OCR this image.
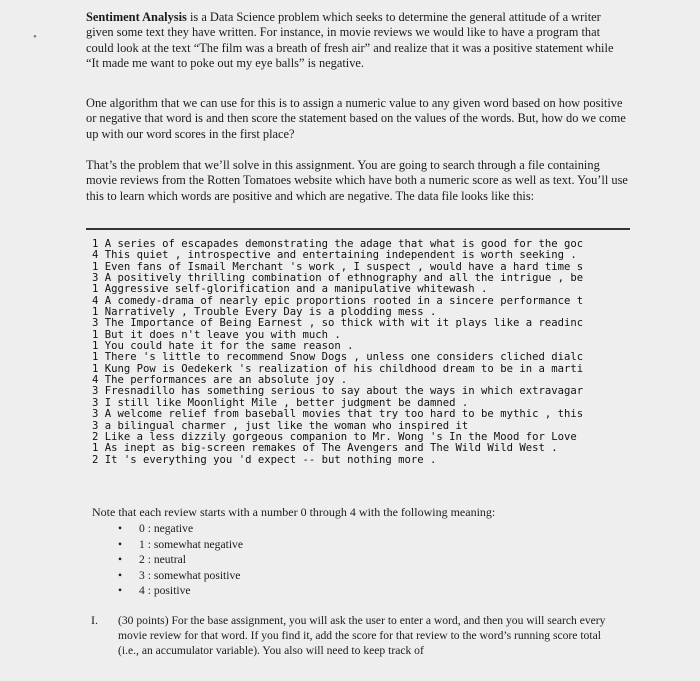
•

Sentiment Analysis is a Data Science problem which seeks to determine the general attitude of a writer given some text they have written. For instance, in movie reviews we would like to have a program that could look at the text “The film was a breath of fresh air” and realize that it was a positive statement while “It made me want to poke out my eye balls” is negative.

One algorithm that we can use for this is to assign a numeric value to any given word based on how positive or negative that word is and then score the statement based on the values of the words. But, how do we come up with our word scores in the first place?

That’s the problem that we’ll solve in this assignment. You are going to search through a file containing movie reviews from the Rotten Tomatoes website which have both a numeric score as well as text. You’ll use this to learn which words are positive and which are negative. The data file looks like this:

1 A series of escapades demonstrating the adage that what is good for the goc
4 This quiet , introspective and entertaining independent is worth seeking .
1 Even fans of Ismail Merchant 's work , I suspect , would have a hard time s
3 A positively thrilling combination of ethnography and all the intrigue , be
1 Aggressive self-glorification and a manipulative whitewash .
4 A comedy-drama of nearly epic proportions rooted in a sincere performance t
1 Narratively , Trouble Every Day is a plodding mess .
3 The Importance of Being Earnest , so thick with wit it plays like a readinc
1 But it does n't leave you with much .
1 You could hate it for the same reason .
1 There 's little to recommend Snow Dogs , unless one considers cliched dialc
1 Kung Pow is Oedekerk 's realization of his childhood dream to be in a marti
4 The performances are an absolute joy .
3 Fresnadillo has something serious to say about the ways in which extravagar
3 I still like Moonlight Mile , better judgment be damned .
3 A welcome relief from baseball movies that try too hard to be mythic , this
3 a bilingual charmer , just like the woman who inspired it
2 Like a less dizzily gorgeous companion to Mr. Wong 's In the Mood for Love
1 As inept as big-screen remakes of The Avengers and The Wild Wild West .
2 It 's everything you 'd expect -- but nothing more .
Note that each review starts with a number 0 through 4 with the following meaning:
• 0 : negative
• 1 : somewhat negative
• 2 : neutral
• 3 : somewhat positive
• 4 : positive
I. (30 points) For the base assignment, you will ask the user to enter a word, and then you will search every movie review for that word. If you find it, add the score for that review to the word’s running score total (i.e., an accumulator variable). You also will need to keep track of
